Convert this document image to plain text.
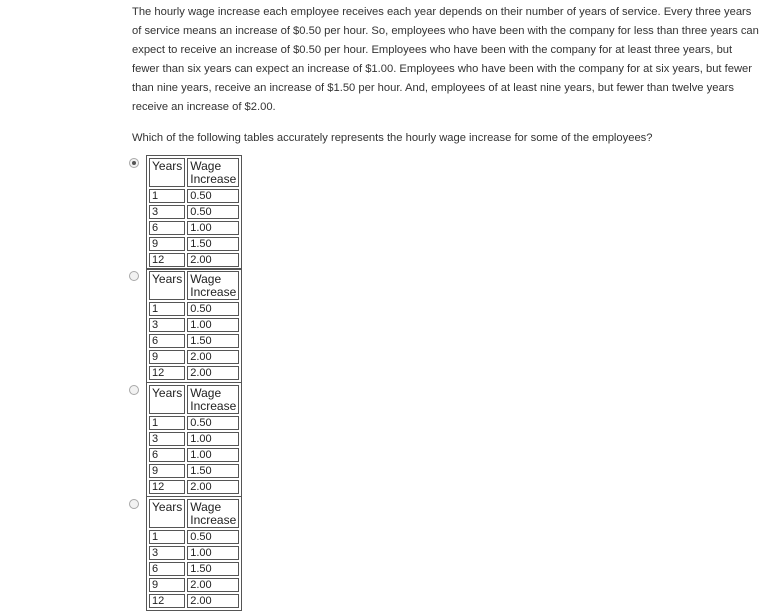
The hourly wage increase each employee receives each year depends on their number of years of service. Every three years of service means an increase of $0.50 per hour. So, employees who have been with the company for less than three years can expect to receive an increase of $0.50 per hour. Employees who have been with the company for at least three years, but fewer than six years can expect an increase of $1.00. Employees who have been with the company for at six years, but fewer than nine years, receive an increase of $1.50 per hour. And, employees of at least nine years, but fewer than twelve years receive an increase of $2.00.

Which of the following tables accurately represents the hourly wage increase for some of the employees?

Years	Wage Increase
1	0.50
3	0.50
6	1.00
9	1.50
12	2.00
Years	Wage Increase
1	0.50
3	1.00
6	1.50
9	2.00
12	2.00
Years	Wage Increase
1	0.50
3	1.00
6	1.00
9	1.50
12	2.00
Years	Wage Increase
1	0.50
3	1.00
6	1.50
9	2.00
12	2.00
